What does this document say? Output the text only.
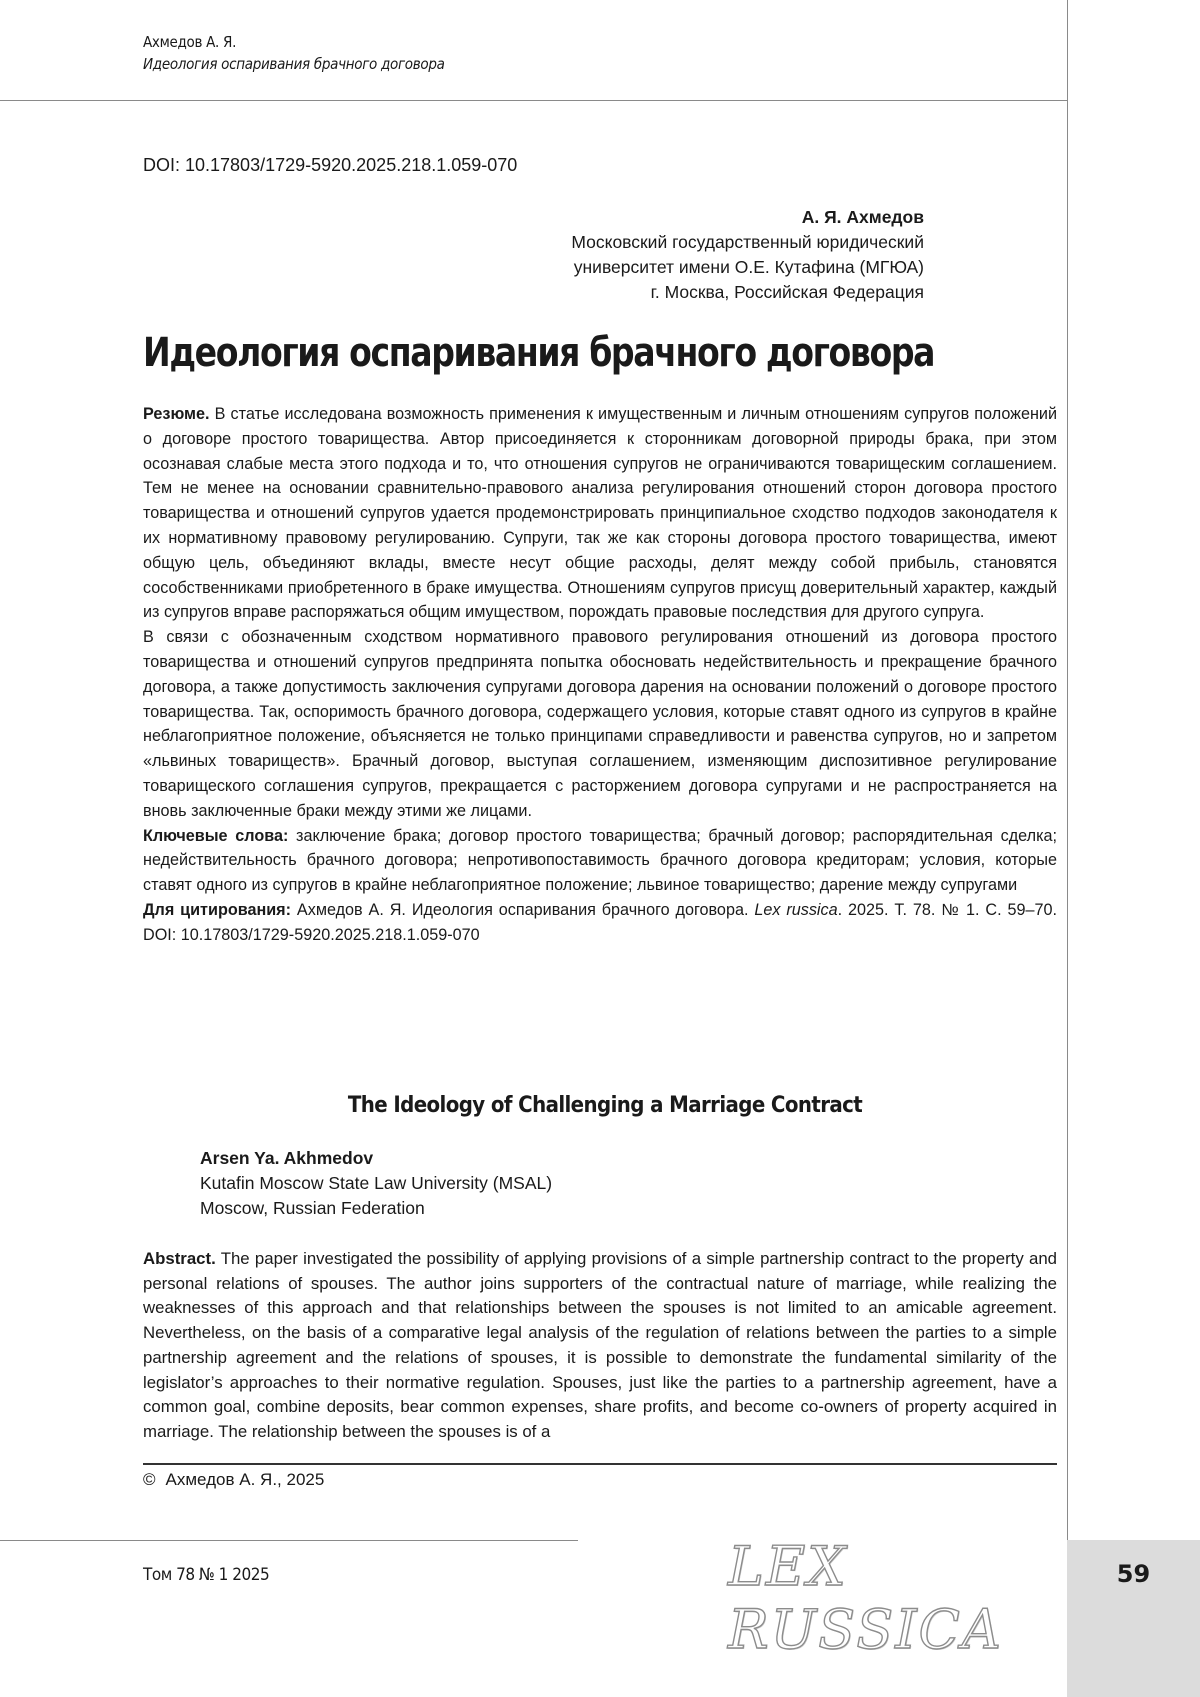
Ахмедов А. Я.
Идеология оспаривания брачного договора
DOI: 10.17803/1729-5920.2025.218.1.059-070
А. Я. Ахмедов
Московский государственный юридический
университет имени О.Е. Кутафина (МГЮА)
г. Москва, Российская Федерация
Идеология оспаривания брачного договора

Резюме. В статье исследована возможность применения к имущественным и личным отношениям супругов положений о договоре простого товарищества. Автор присоединяется к сторонникам договорной природы брака, при этом осознавая слабые места этого подхода и то, что отношения супругов не ограничиваются товарищеским соглашением. Тем не менее на основании сравнительно-правового анализа регулирования отношений сторон договора простого товарищества и отношений супругов удается продемонстрировать принципиальное сходство подходов законодателя к их нормативному правовому регулированию. Супруги, так же как стороны договора простого товарищества, имеют общую цель, объединяют вклады, вместе несут общие расходы, делят между собой прибыль, становятся сособственниками приобретенного в браке имущества. Отношениям супругов присущ доверительный характер, каждый из супругов вправе распоряжаться общим имуществом, порождать правовые последствия для другого супруга.

В связи с обозначенным сходством нормативного правового регулирования отношений из договора простого товарищества и отношений супругов предпринята попытка обосновать недействительность и прекращение брачного договора, а также допустимость заключения супругами договора дарения на основании положений о договоре простого товарищества. Так, оспоримость брачного договора, содержащего условия, которые ставят одного из супругов в крайне неблагоприятное положение, объясняется не только принципами справедливости и равенства супругов, но и запретом «львиных товариществ». Брачный договор, выступая соглашением, изменяющим диспозитивное регулирование товарищеского соглашения супругов, прекращается с расторжением договора супругами и не распространяется на вновь заключенные браки между этими же лицами.

Ключевые слова: заключение брака; договор простого товарищества; брачный договор; распорядительная сделка; недействительность брачного договора; непротивопоставимость брачного договора кредиторам; условия, которые ставят одного из супругов в крайне неблагоприятное положение; львиное товарищество; дарение между супругами

Для цитирования: Ахмедов А. Я. Идеология оспаривания брачного договора. Lex russica. 2025. Т. 78. № 1. С. 59–70. DOI: 10.17803/1729-5920.2025.218.1.059-070

The Ideology of Challenging a Marriage Contract
Arsen Ya. Akhmedov
Kutafin Moscow State Law University (MSAL)
Moscow, Russian Federation

Abstract. The paper investigated the possibility of applying provisions of a simple partnership contract to the property and personal relations of spouses. The author joins supporters of the contractual nature of marriage, while realizing the weaknesses of this approach and that relationships between the spouses is not limited to an amicable agreement. Nevertheless, on the basis of a comparative legal analysis of the regulation of relations between the parties to a simple partnership agreement and the relations of spouses, it is possible to demonstrate the fundamental similarity of the legislator’s approaches to their normative regulation. Spouses, just like the parties to a partnership agreement, have a common goal, combine deposits, bear common expenses, share profits, and become co-owners of property acquired in marriage. The relationship between the spouses is of a

© Ахмедов А. Я., 2025
Том 78 № 1 2025	LEX RUSSICA
59
